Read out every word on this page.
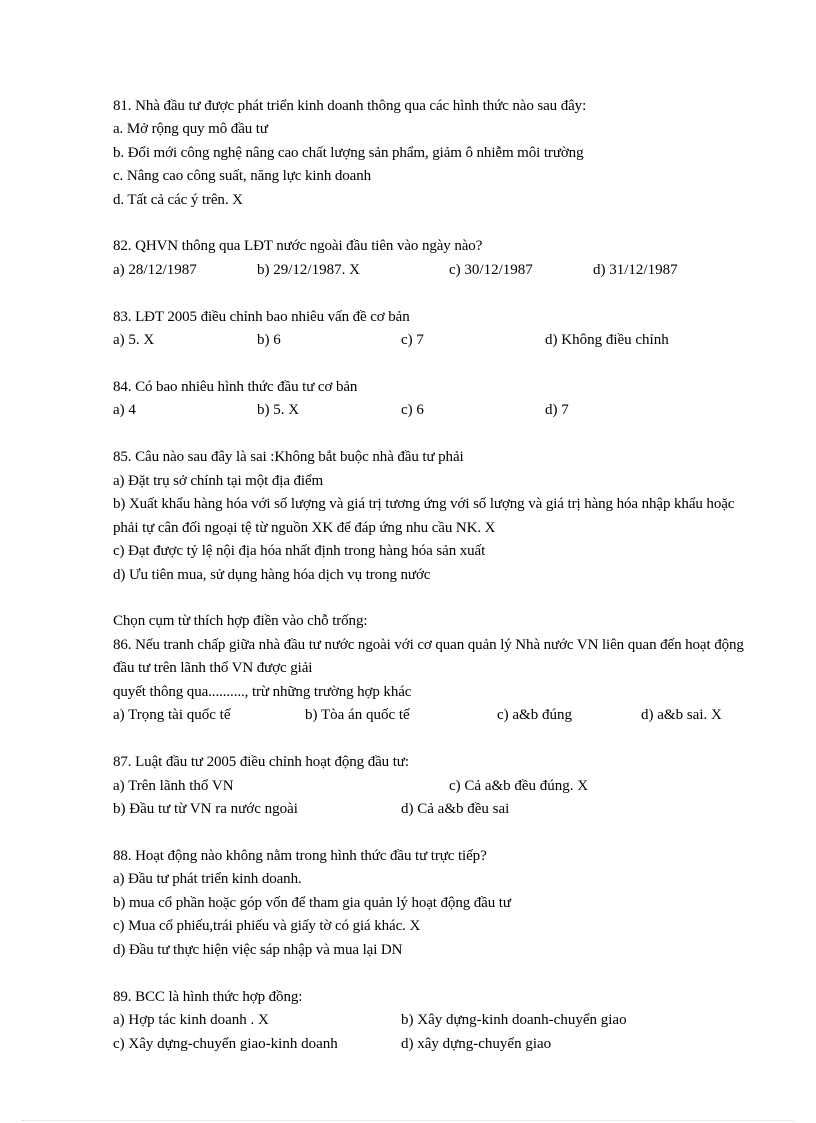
81. Nhà đầu tư được phát triển kinh doanh thông qua các hình thức nào sau đây:
a. Mở rộng quy mô đầu tư
b. Đổi mới công nghệ nâng cao chất lượng sản phẩm, giảm ô nhiễm môi trường
c. Nâng cao công suất, năng lực kinh doanh
d. Tất cả các ý trên. X
82. QHVN thông qua LĐT nước ngoài đầu tiên vào ngày nào?
a) 28/12/1987	b) 29/12/1987. X	c) 30/12/1987	d) 31/12/1987
83. LĐT 2005 điều chỉnh bao nhiêu vấn đề cơ bản
a) 5. X	b) 6	c) 7	d) Không điều chỉnh
84. Có bao nhiêu hình thức đầu tư cơ bản
a) 4	b) 5. X	c) 6	d) 7
85. Câu nào sau đây là sai :Không bắt buộc nhà đầu tư phải
a) Đặt trụ sở chính tại một địa điểm
b) Xuất khẩu hàng hóa với số lượng và giá trị tương ứng với số lượng và giá trị hàng hóa nhập khẩu hoặc
phải tự cân đối ngoại tệ từ nguồn XK để đáp ứng nhu cầu NK. X
c) Đạt được tỷ lệ nội địa hóa nhất định trong hàng hóa sản xuất
d) Ưu tiên mua, sử dụng hàng hóa dịch vụ trong nước
Chọn cụm từ thích hợp điền vào chỗ trống:
86. Nếu tranh chấp giữa nhà đầu tư nước ngoài với cơ quan quản lý Nhà nước VN liên quan đến hoạt động
đầu tư trên lãnh thổ VN được giải
quyết thông qua.........., trừ những trường hợp khác
a) Trọng tài quốc tế	b) Tòa án quốc tế	c) a&b đúng	d) a&b sai. X
87. Luật đầu tư 2005 điều chỉnh hoạt động đầu tư:
a) Trên lãnh thổ VN	c) Cả a&b đều đúng. X
b) Đầu tư từ VN ra nước ngoài	d) Cả a&b đều sai
88. Hoạt động nào không nằm trong hình thức đầu tư trực tiếp?
a) Đầu tư phát triển kinh doanh.
b) mua cổ phần hoặc góp vốn để tham gia quản lý hoạt động đầu tư
c) Mua cổ phiếu,trái phiếu và giấy tờ có giá khác. X
d) Đầu tư thực hiện việc sáp nhập và mua lại DN
89. BCC là hình thức hợp đồng:
a) Hợp tác kinh doanh . X	b) Xây dựng-kinh doanh-chuyển giao
c) Xây dựng-chuyển giao-kinh doanh	d) xây dựng-chuyển giao
